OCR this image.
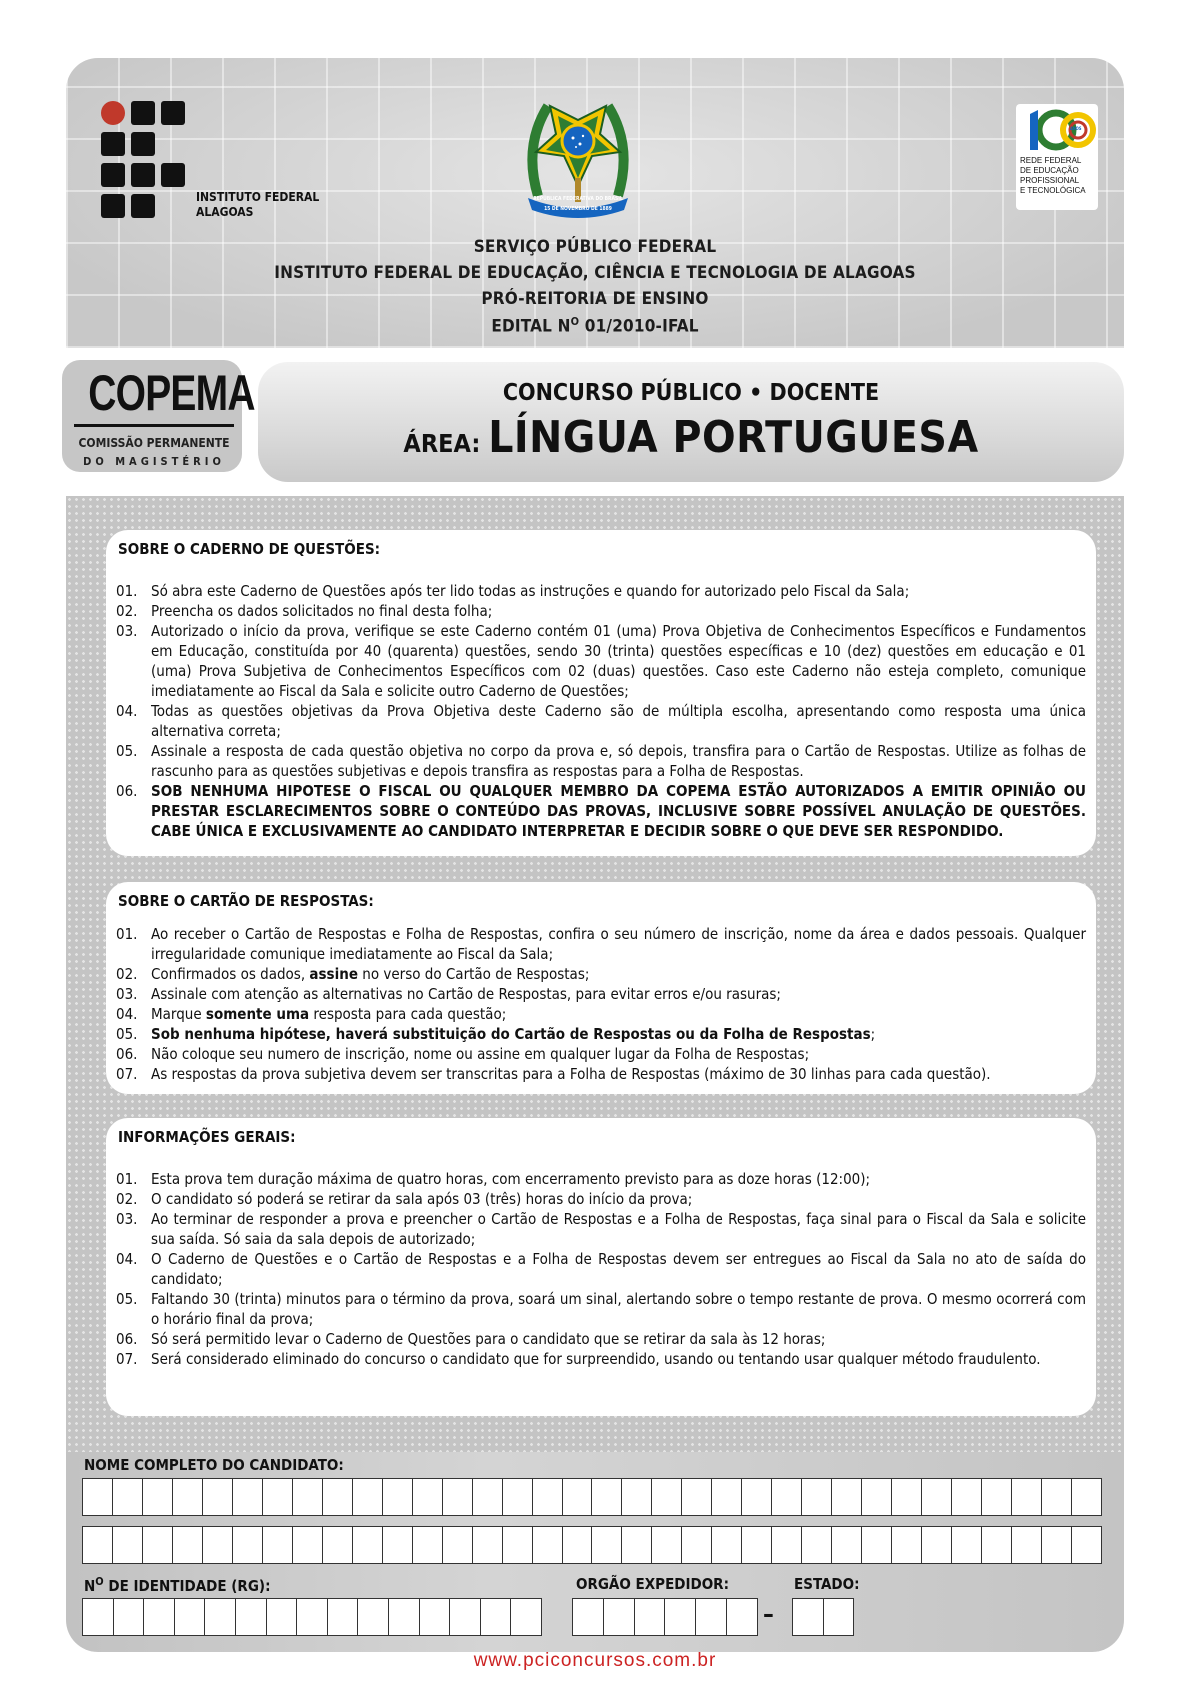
INSTITUTO FEDERAL
ALAGOAS
REPÚBLICA FEDERATIVA DO BRASIL
15 DE NOVEMBRO DE 1889
ANOS
REDE FEDERAL
DE EDUCAÇÃO
PROFISSIONAL
E TECNOLÓGICA
SERVIÇO PÚBLICO FEDERAL
INSTITUTO FEDERAL DE EDUCAÇÃO, CIÊNCIA E TECNOLOGIA DE ALAGOAS
PRÓ-REITORIA DE ENSINO
EDITAL $N^O$ 01/2010-IFAL
COPEMA
COMISSÃO PERMANENTE
DO MAGISTÉRIO
CONCURSO PÚBLICO • DOCENTE
ÁREA: LÍNGUA PORTUGUESA
SOBRE O CADERNO DE QUESTÕES:
01. Só abra este Caderno de Questões após ter lido todas as instruções e quando for autorizado pelo Fiscal da Sala;
02. Preencha os dados solicitados no final desta folha;
03. Autorizado o início da prova, verifique se este Caderno contém 01 (uma) Prova Objetiva de Conhecimentos Específicos e Fundamentos em Educação, constituída por 40 (quarenta) questões, sendo 30 (trinta) questões específicas e 10 (dez) questões em educação e 01 (uma) Prova Subjetiva de Conhecimentos Específicos com 02 (duas) questões. Caso este Caderno não esteja completo, comunique imediatamente ao Fiscal da Sala e solicite outro Caderno de Questões;
04. Todas as questões objetivas da Prova Objetiva deste Caderno são de múltipla escolha, apresentando como resposta uma única alternativa correta;
05. Assinale a resposta de cada questão objetiva no corpo da prova e, só depois, transfira para o Cartão de Respostas. Utilize as folhas de rascunho para as questões subjetivas e depois transfira as respostas para a Folha de Respostas.
06. SOB NENHUMA HIPOTESE O FISCAL OU QUALQUER MEMBRO DA COPEMA ESTÃO AUTORIZADOS A EMITIR OPINIÃO OU PRESTAR ESCLARECIMENTOS SOBRE O CONTEÚDO DAS PROVAS, INCLUSIVE SOBRE POSSÍVEL ANULAÇÃO DE QUESTÕES. CABE ÚNICA E EXCLUSIVAMENTE AO CANDIDATO INTERPRETAR E DECIDIR SOBRE O QUE DEVE SER RESPONDIDO.
SOBRE O CARTÃO DE RESPOSTAS:
01. Ao receber o Cartão de Respostas e Folha de Respostas, confira o seu número de inscrição, nome da área e dados pessoais. Qualquer irregularidade comunique imediatamente ao Fiscal da Sala;
02. Confirmados os dados, assine no verso do Cartão de Respostas;
03. Assinale com atenção as alternativas no Cartão de Respostas, para evitar erros e/ou rasuras;
04. Marque somente uma resposta para cada questão;
05. Sob nenhuma hipótese, haverá substituição do Cartão de Respostas ou da Folha de Respostas;
06. Não coloque seu numero de inscrição, nome ou assine em qualquer lugar da Folha de Respostas;
07. As respostas da prova subjetiva devem ser transcritas para a Folha de Respostas (máximo de 30 linhas para cada questão).
INFORMAÇÕES GERAIS:
01. Esta prova tem duração máxima de quatro horas, com encerramento previsto para as doze horas (12:00);
02. O candidato só poderá se retirar da sala após 03 (três) horas do início da prova;
03. Ao terminar de responder a prova e preencher o Cartão de Respostas e a Folha de Respostas, faça sinal para o Fiscal da Sala e solicite sua saída. Só saia da sala depois de autorizado;
04. O Caderno de Questões e o Cartão de Respostas e a Folha de Respostas devem ser entregues ao Fiscal da Sala no ato de saída do candidato;
05. Faltando 30 (trinta) minutos para o término da prova, soará um sinal, alertando sobre o tempo restante de prova. O mesmo ocorrerá com o horário final da prova;
06. Só será permitido levar o Caderno de Questões para o candidato que se retirar da sala às 12 horas;
07. Será considerado eliminado do concurso o candidato que for surpreendido, usando ou tentando usar qualquer método fraudulento.
NOME COMPLETO DO CANDIDATO:
$N^O$ DE IDENTIDADE (RG):	ORGÃO EXPEDIDOR:	ESTADO:
–
www.pciconcursos.com.br
